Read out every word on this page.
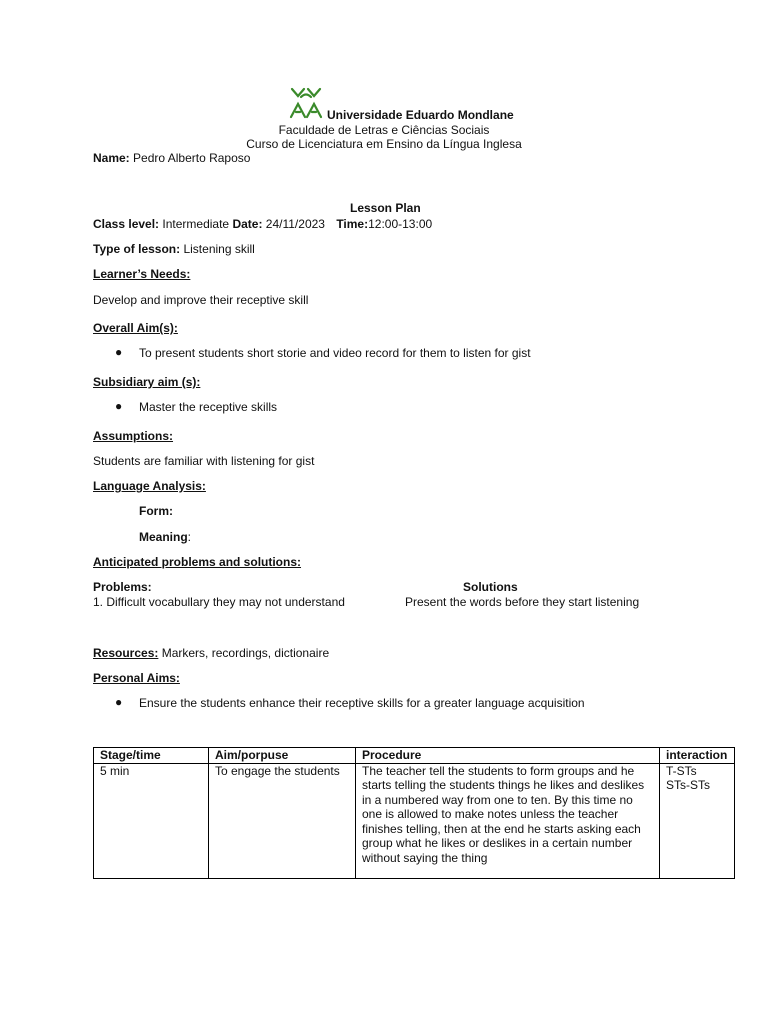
Universidade Eduardo Mondlane
Faculdade de Letras e Ciências Sociais
Curso de Licenciatura em Ensino da Língua Inglesa
Name: Pedro Alberto Raposo
Lesson Plan
Class level: Intermediate Date: 24/11/2023 Time:12:00-13:00
Type of lesson: Listening skill
Learner’s Needs:
Develop and improve their receptive skill
Overall Aim(s):
● To present students short storie and video record for them to listen for gist
Subsidiary aim (s):
● Master the receptive skills
Assumptions:
Students are familiar with listening for gist
Language Analysis:
Form:
Meaning:
Anticipated problems and solutions:
Problems:	Solutions
1. Difficult vocabullary they may not understand	Present the words before they start listening
Resources: Markers, recordings, dictionaire
Personal Aims:
● Ensure the students enhance their receptive skills for a greater language acquisition
Stage/time	Aim/porpuse	Procedure	interaction
5 min	To engage the students	The teacher tell the students to form groups and he starts telling the students things he likes and deslikes in a numbered way from one to ten. By this time no one is allowed to make notes unless the teacher finishes telling, then at the end he starts asking each group what he likes or deslikes in a certain number without saying the thing	T-STs
STs-STs
